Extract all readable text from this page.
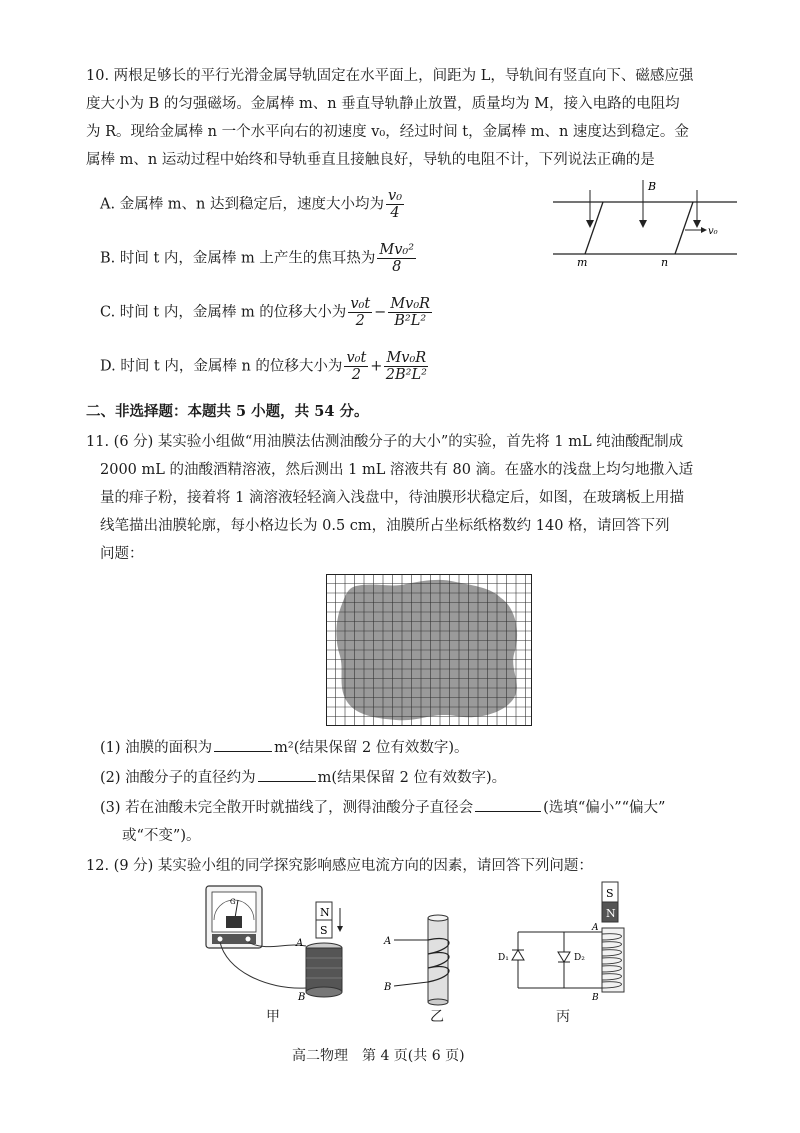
10. 两根足够长的平行光滑金属导轨固定在水平面上，间距为 L，导轨间有竖直向下、磁感应强
度大小为 B 的匀强磁场。金属棒 m、n 垂直导轨静止放置，质量均为 M，接入电路的电阻均
为 R。现给金属棒 n 一个水平向右的初速度 v₀，经过时间 t，金属棒 m、n 速度达到稳定。金
属棒 m、n 运动过程中始终和导轨垂直且接触良好，导轨的电阻不计，下列说法正确的是
A. 金属棒 m、n 达到稳定后，速度大小均为 $\frac{\text{v₀}}{4}$
B. 时间 t 内，金属棒 m 上产生的焦耳热为 $\frac{\text{Mv₀²}}{8}$
C. 时间 t 内，金属棒 m 的位移大小为 $\frac{\text{v₀t}}{2} - \frac{\text{Mv₀R}}{\text{B²L²}}$
D. 时间 t 内，金属棒 n 的位移大小为 $\frac{\text{v₀t}}{2} + \frac{\text{Mv₀R}}{\text{2B²L²}}$
B
v₀
m	n
二、非选择题：本题共 5 小题，共 54 分。
11. (6 分) 某实验小组做“用油膜法估测油酸分子的大小”的实验，首先将 1 mL 纯油酸配制成
2000 mL 的油酸酒精溶液，然后测出 1 mL 溶液共有 80 滴。在盛水的浅盘上均匀地撒入适
量的痱子粉，接着将 1 滴溶液轻轻滴入浅盘中，待油膜形状稳定后，如图，在玻璃板上用描
线笔描出油膜轮廓，每小格边长为 0.5 cm，油膜所占坐标纸格数约 140 格，请回答下列
问题：
(1) 油膜的面积为	m²(结果保留 2 位有效数字)。
(2) 油酸分子的直径约为	m(结果保留 2 位有效数字)。
(3) 若在油酸未完全散开时就描线了，测得油酸分子直径会	(选填“偏小”“偏大”
或“不变”)。
12. (9 分) 某实验小组的同学探究影响感应电流方向的因素，请回答下列问题：
G
N
S
A
B
甲
A
B
乙
S
N
D₁	D₂
A
B
丙
高二物理　第 4 页(共 6 页)
